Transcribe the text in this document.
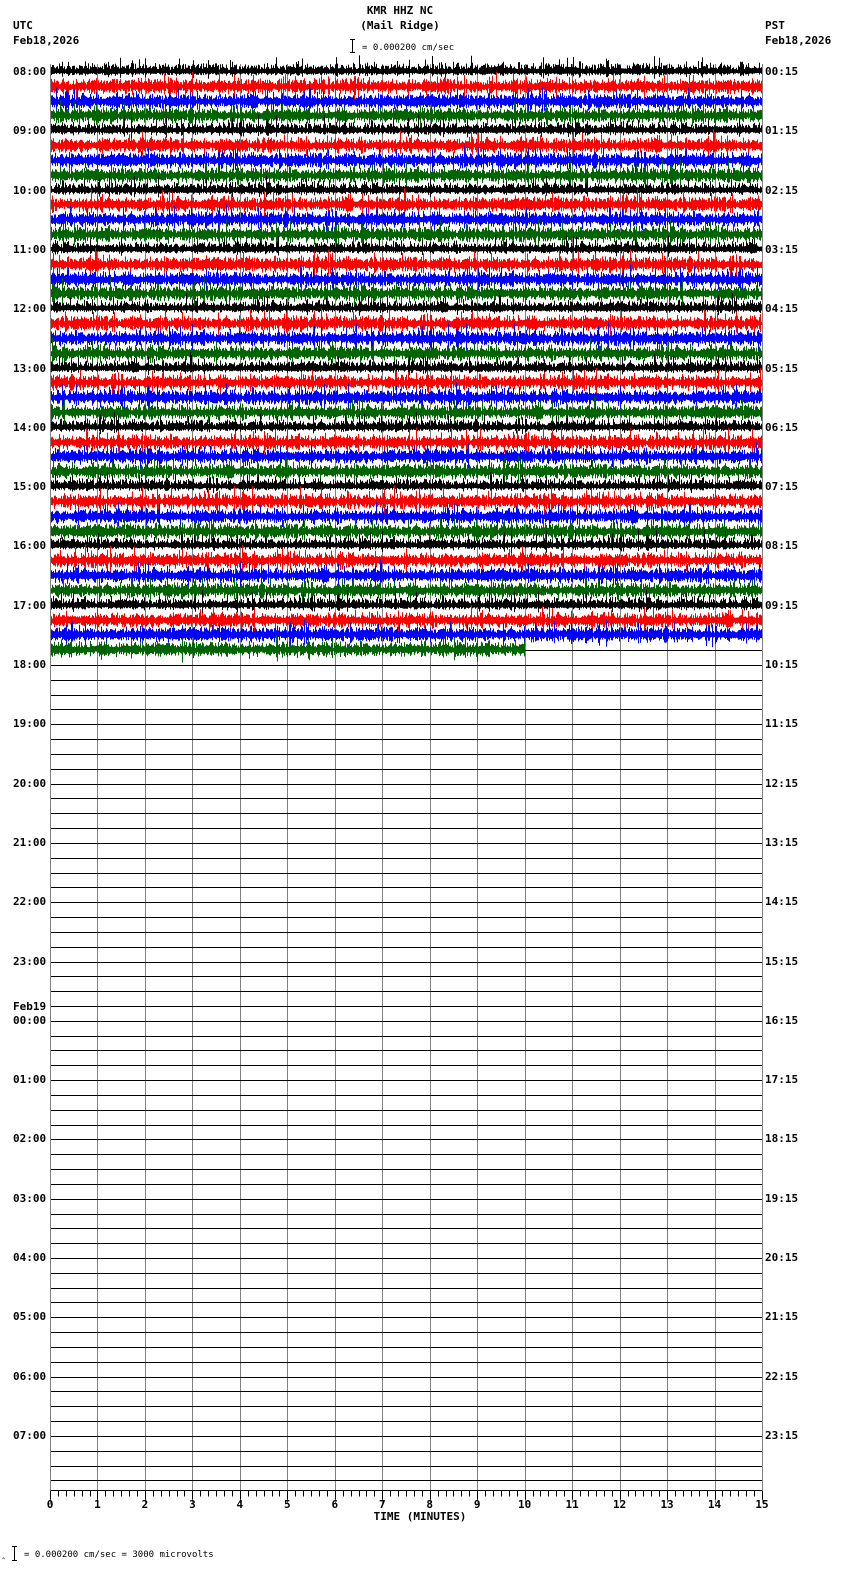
KMR HHZ NC
(Mail Ridge)
= 0.000200 cm/sec
UTC
Feb18,2026
PST
Feb18,2026
08:00
09:00
10:00
11:00
12:00
13:00
14:00
15:00
16:00
17:00
18:00
19:00
20:00
21:00
22:00
23:00
00:00
Feb19
01:00
02:00
03:00
04:00
05:00
06:00
07:00
00:15
01:15
02:15
03:15
04:15
05:15
06:15
07:15
08:15
09:15
10:15
11:15
12:15
13:15
14:15
15:15
16:15
17:15
18:15
19:15
20:15
21:15
22:15
23:15
0	1	2	3	4	5	6	7	8	9	10	11	12	13	14	15
TIME (MINUTES)
‸ = 0.000200 cm/sec = 3000 microvolts
